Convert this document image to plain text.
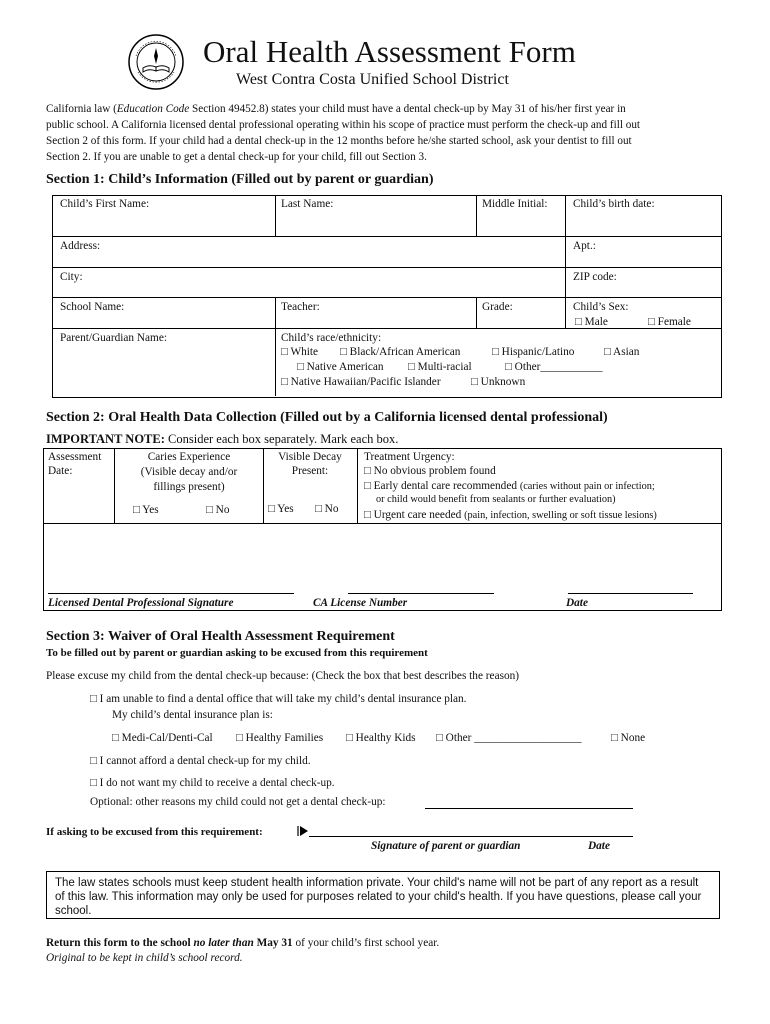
Oral Health Assessment Form
West Contra Costa Unified School District
California law (Education Code Section 49452.8) states your child must have a dental check-up by May 31 of his/her first year in
public school. A California licensed dental professional operating within his scope of practice must perform the check-up and fill out
Section 2 of this form. If your child had a dental check-up in the 12 months before he/she started school, ask your dentist to fill out
Section 2. If you are unable to get a dental check-up for your child, fill out Section 3.
Section 1: Child’s Information (Filled out by parent or guardian)
Child’s First Name:	Last Name:	Middle Initial: Child’s birth date:
Address:	Apt.:
City:	ZIP code:
School Name:	Teacher:	Grade:	Child’s Sex:
□ Male	□ Female
Parent/Guardian Name:	Child’s race/ethnicity:
□ White □ Black/African American	□ Hispanic/Latino	□ Asian
□ Native American □ Multi-racial	□ Other___________
□ Native Hawaiian/Pacific Islander	□ Unknown
Section 2: Oral Health Data Collection (Filled out by a California licensed dental professional)
IMPORTANT NOTE: Consider each box separately. Mark each box.
Assessment
Date:
Caries Experience
(Visible decay and/or
fillings present)
□ Yes	□ No
Visible Decay
Present:
□ Yes □ No
Treatment Urgency:
□ No obvious problem found
□ Early dental care recommended (caries without pain or infection;
or child would benefit from sealants or further evaluation)
□ Urgent care needed (pain, infection, swelling or soft tissue lesions)
Licensed Dental Professional Signature	CA License Number	Date
Section 3: Waiver of Oral Health Assessment Requirement
To be filled out by parent or guardian asking to be excused from this requirement
Please excuse my child from the dental check-up because: (Check the box that best describes the reason)
□ I am unable to find a dental office that will take my child’s dental insurance plan.
My child’s dental insurance plan is:
□ Medi-Cal/Denti-Cal □ Healthy Families □ Healthy Kids □ Other ___________________	□ None
□ I cannot afford a dental check-up for my child.
□ I do not want my child to receive a dental check-up.
Optional: other reasons my child could not get a dental check-up:
If asking to be excused from this requirement:
Signature of parent or guardian	Date
The law states schools must keep student health information private. Your child's name will not be part of any report as a result of this law. This information may only be used for purposes related to your child's health. If you have questions, please call your school.
Return this form to the school no later than May 31 of your child’s first school year.
Original to be kept in child’s school record.
